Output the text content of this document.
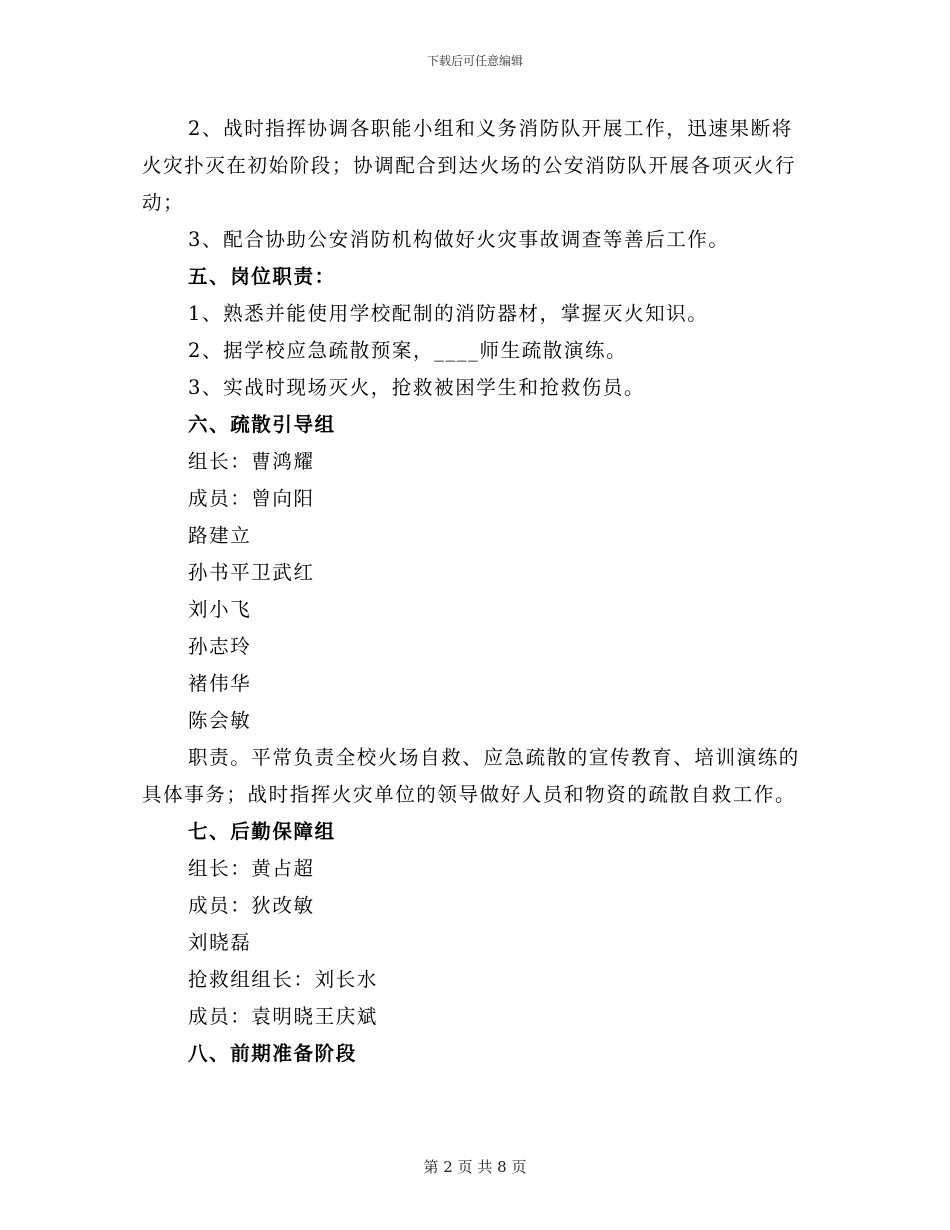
下载后可任意编辑

2、战时指挥协调各职能小组和义务消防队开展工作，迅速果断将火灾扑灭在初始阶段；协调配合到达火场的公安消防队开展各项灭火行动；

3、配合协助公安消防机构做好火灾事故调查等善后工作。

五、岗位职责：

1、熟悉并能使用学校配制的消防器材，掌握灭火知识。

2、据学校应急疏散预案，____师生疏散演练。

3、实战时现场灭火，抢救被困学生和抢救伤员。

六、疏散引导组

组长：曹鸿耀

成员：曾向阳

路建立

孙书平卫武红

刘小飞

孙志玲

褚伟华

陈会敏

职责。平常负责全校火场自救、应急疏散的宣传教育、培训演练的具体事务；战时指挥火灾单位的领导做好人员和物资的疏散自救工作。

七、后勤保障组

组长：黄占超

成员：狄改敏

刘晓磊

抢救组组长：刘长水

成员：袁明晓王庆斌

八、前期准备阶段

第 2 页 共 8 页
